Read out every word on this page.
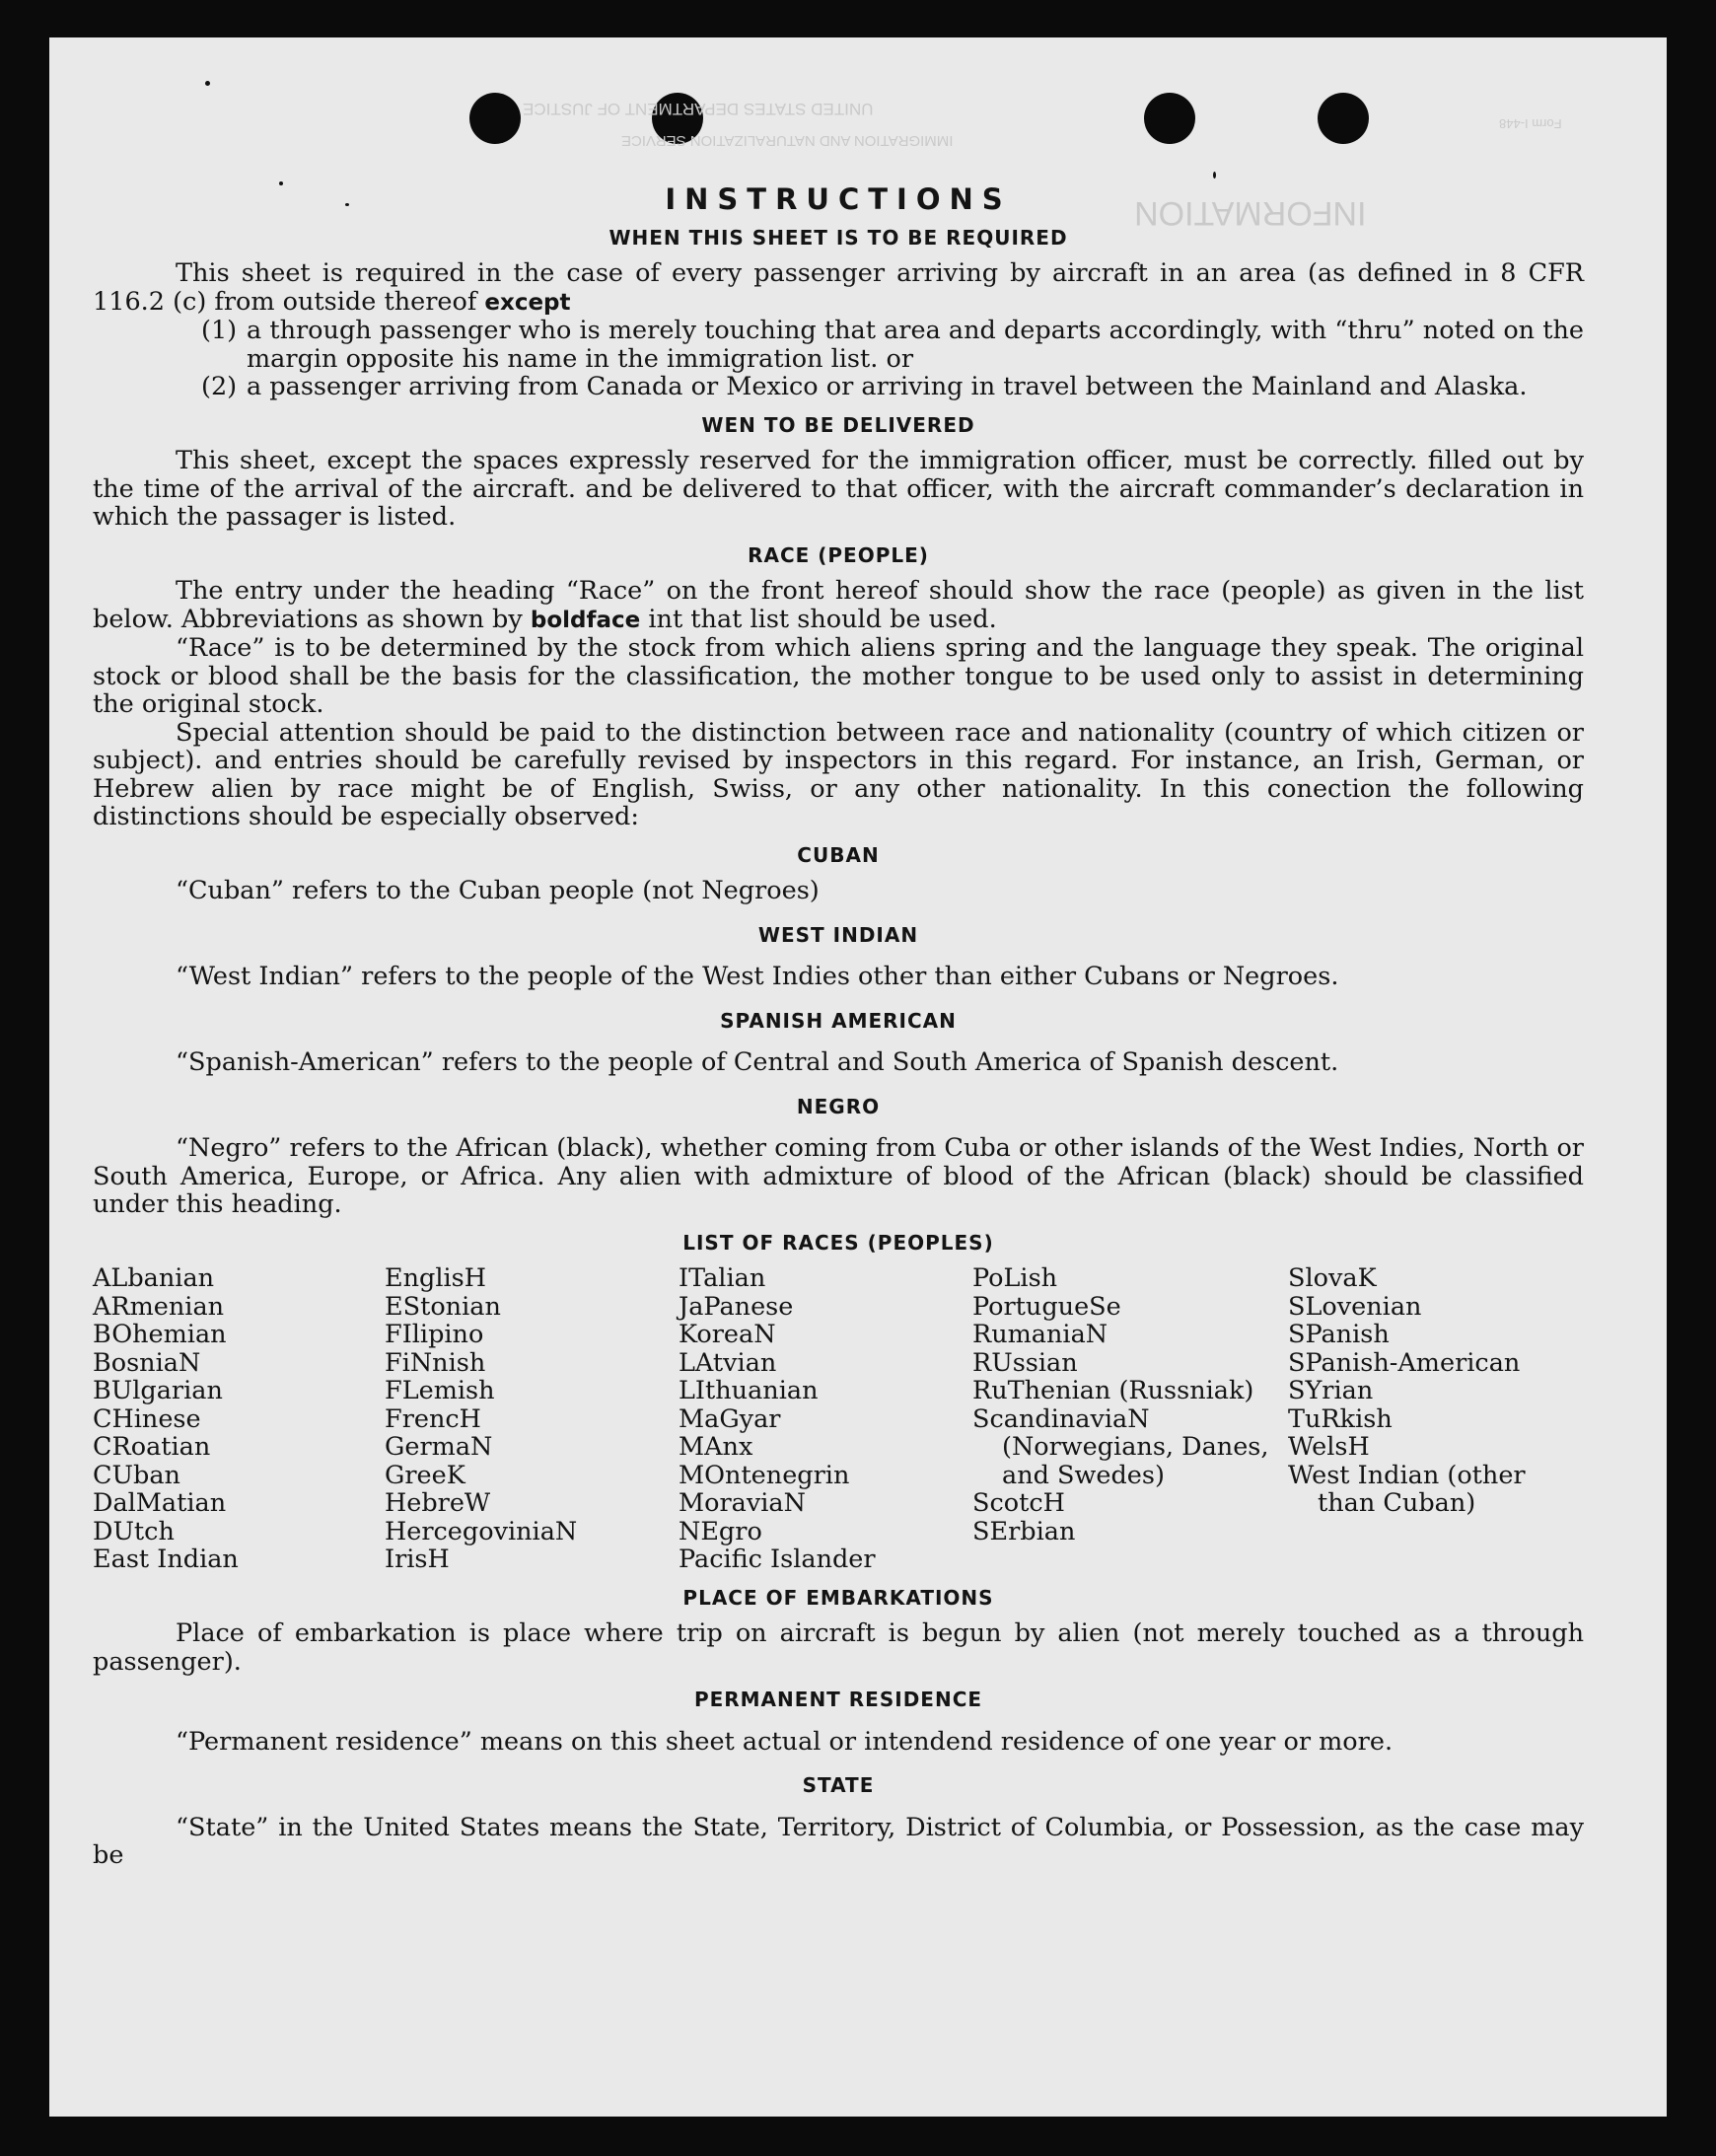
UNITED STATES DEPARTMENT OF JUSTICE
IMMIGRATION AND NATURALIZATION SERVICE
INFORMATION
Form I-448
INSTRUCTIONS
WHEN THIS SHEET IS TO BE REQUIRED

This sheet is required in the case of every passenger arriving by aircraft in an area (as defined in 8 CFR 116.2 (c) from outside thereof except

(1) a through passenger who is merely touching that area and departs accordingly, with “thru” noted on the margin opposite his name in the immigration list. or
(2) a passenger arriving from Canada or Mexico or arriving in travel between the Mainland and Alaska.
WEN TO BE DELIVERED

This sheet, except the spaces expressly reserved for the immigration officer, must be correctly. filled out by the time of the arrival of the aircraft. and be delivered to that officer, with the aircraft commander’s declaration in which the passager is listed.

RACE (PEOPLE)

The entry under the heading “Race” on the front hereof should show the race (people) as given in the list below. Abbreviations as shown by boldface int that list should be used.

“Race” is to be determined by the stock from which aliens spring and the language they speak. The original stock or blood shall be the basis for the classification, the mother tongue to be used only to assist in determining the original stock.

Special attention should be paid to the distinction between race and nationality (country of which citizen or subject). and entries should be carefully revised by inspectors in this regard. For instance, an Irish, German, or Hebrew alien by race might be of English, Swiss, or any other nationality. In this conection the following distinctions should be especially observed:

CUBAN

“Cuban” refers to the Cuban people (not Negroes)

WEST INDIAN

“West Indian” refers to the people of the West Indies other than either Cubans or Negroes.

SPANISH AMERICAN

“Spanish-American” refers to the people of Central and South America of Spanish descent.

NEGRO

“Negro” refers to the African (black), whether coming from Cuba or other islands of the West Indies, North or South America, Europe, or Africa. Any alien with admixture of blood of the African (black) should be classified under this heading.

LIST OF RACES (PEOPLES)
ALbanian
ARmenian
BOhemian
BosniaN
BUlgarian
CHinese
CRoatian
CUban
DalMatian
DUtch
East Indian
EnglisH
EStonian
FIlipino
FiNnish
FLemish
FrencH
GermaN
GreeK
HebreW
HercegoviniaN
IrisH
ITalian
JaPanese
KoreaN
LAtvian
LIthuanian
MaGyar
MAnx
MOntenegrin
MoraviaN
NEgro
Pacific Islander
PoLish
PortugueSe
RumaniaN
RUssian
RuThenian (Russniak)
ScandinaviaN (Norwegians, Danes, and Swedes)
ScotcH
SErbian
SlovaK
SLovenian
SPanish
SPanish-American
SYrian
TuRkish
WelsH
West Indian (other than Cuban)
PLACE OF EMBARKATIONS

Place of embarkation is place where trip on aircraft is begun by alien (not merely touched as a through passenger).

PERMANENT RESIDENCE

“Permanent residence” means on this sheet actual or intendend residence of one year or more.

STATE

“State” in the United States means the State, Territory, District of Columbia, or Possession, as the case may be
